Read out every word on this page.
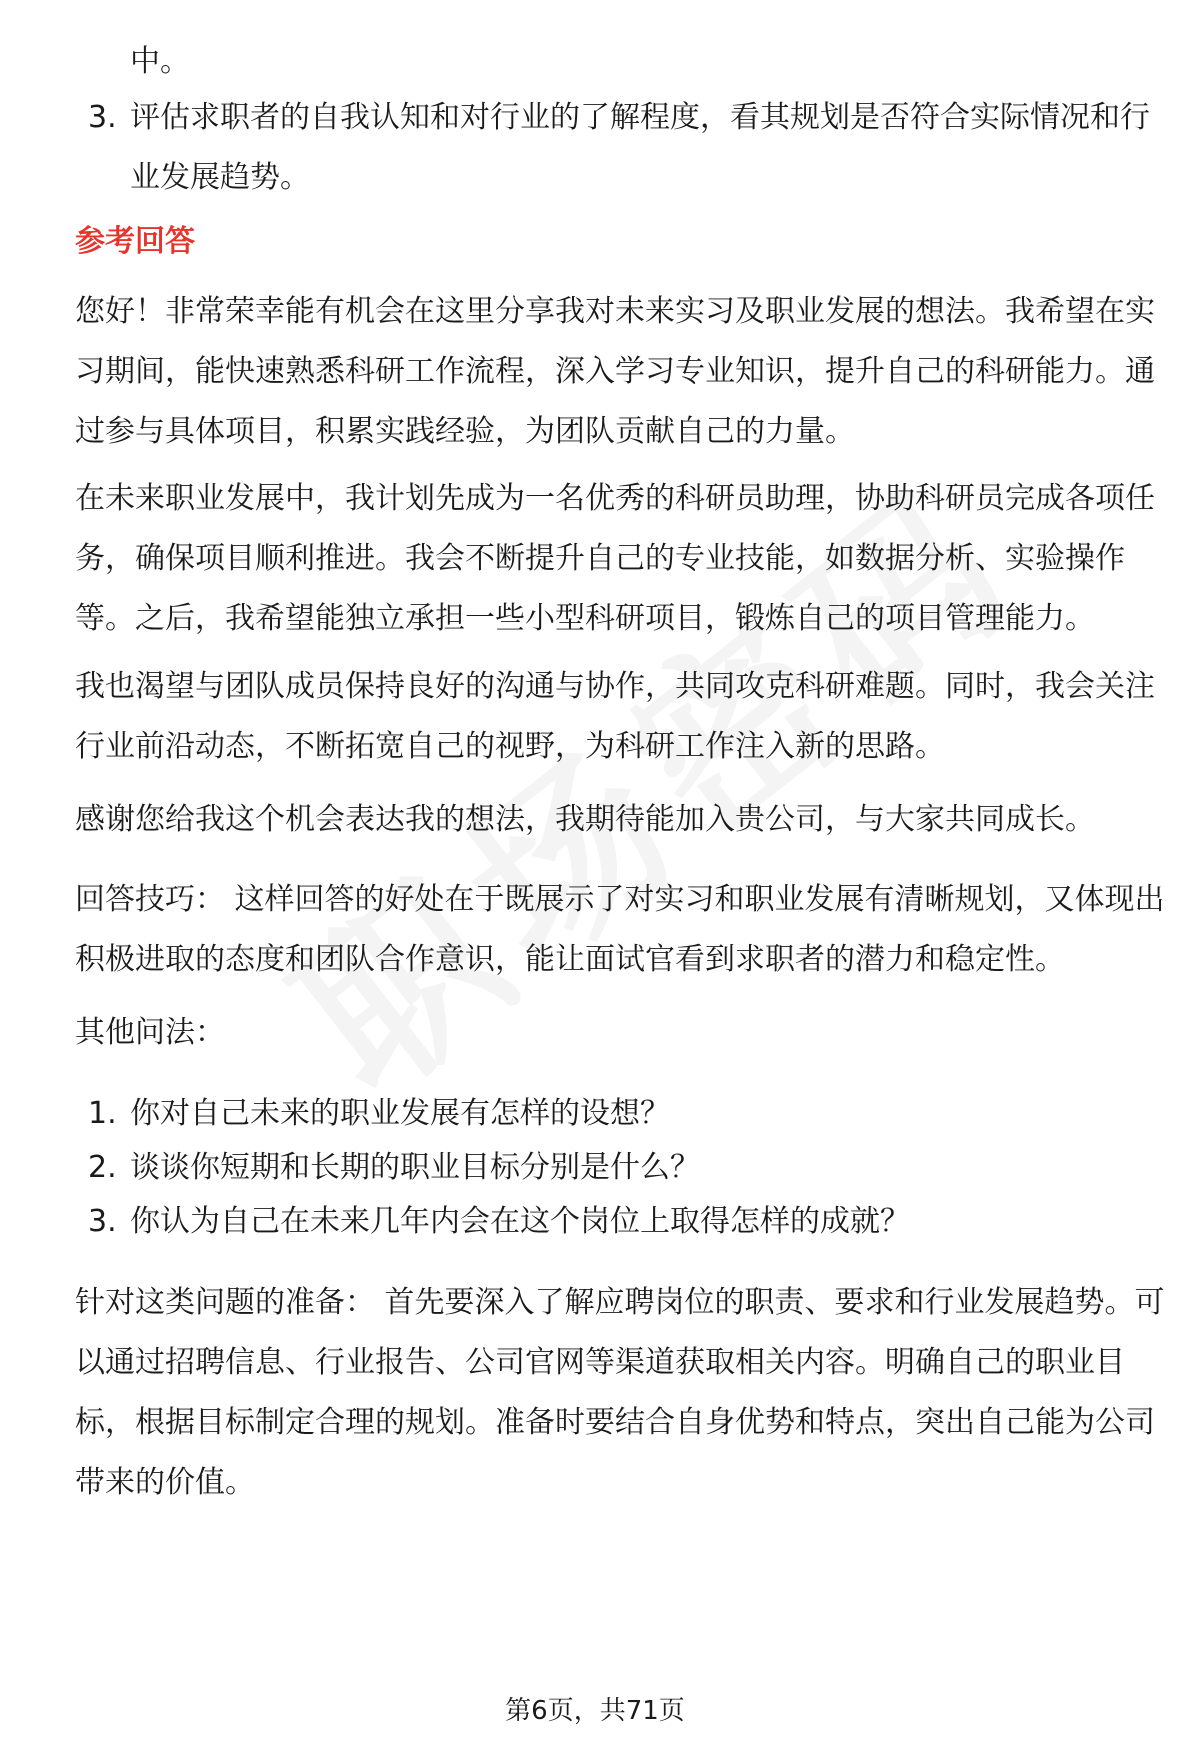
中。
3. 评估求职者的自我认知和对行业的了解程度，看其规划是否符合实际情况和行业发展趋势。
参考回答

您好！非常荣幸能有机会在这里分享我对未来实习及职业发展的想法。我希望在实习期间，能快速熟悉科研工作流程，深入学习专业知识，提升自己的科研能力。通过参与具体项目，积累实践经验，为团队贡献自己的力量。

在未来职业发展中，我计划先成为一名优秀的科研员助理，协助科研员完成各项任务，确保项目顺利推进。我会不断提升自己的专业技能，如数据分析、实验操作等。之后，我希望能独立承担一些小型科研项目，锻炼自己的项目管理能力。

我也渴望与团队成员保持良好的沟通与协作，共同攻克科研难题。同时，我会关注行业前沿动态，不断拓宽自己的视野，为科研工作注入新的思路。

感谢您给我这个机会表达我的想法，我期待能加入贵公司，与大家共同成长。

回答技巧： 这样回答的好处在于既展示了对实习和职业发展有清晰规划，又体现出积极进取的态度和团队合作意识，能让面试官看到求职者的潜力和稳定性。

其他问法：

1. 你对自己未来的职业发展有怎样的设想？
2. 谈谈你短期和长期的职业目标分别是什么？
3. 你认为自己在未来几年内会在这个岗位上取得怎样的成就？

针对这类问题的准备： 首先要深入了解应聘岗位的职责、要求和行业发展趋势。可以通过招聘信息、行业报告、公司官网等渠道获取相关内容。明确自己的职业目标，根据目标制定合理的规划。准备时要结合自身优势和特点，突出自己能为公司带来的价值。

第6页，共71页
